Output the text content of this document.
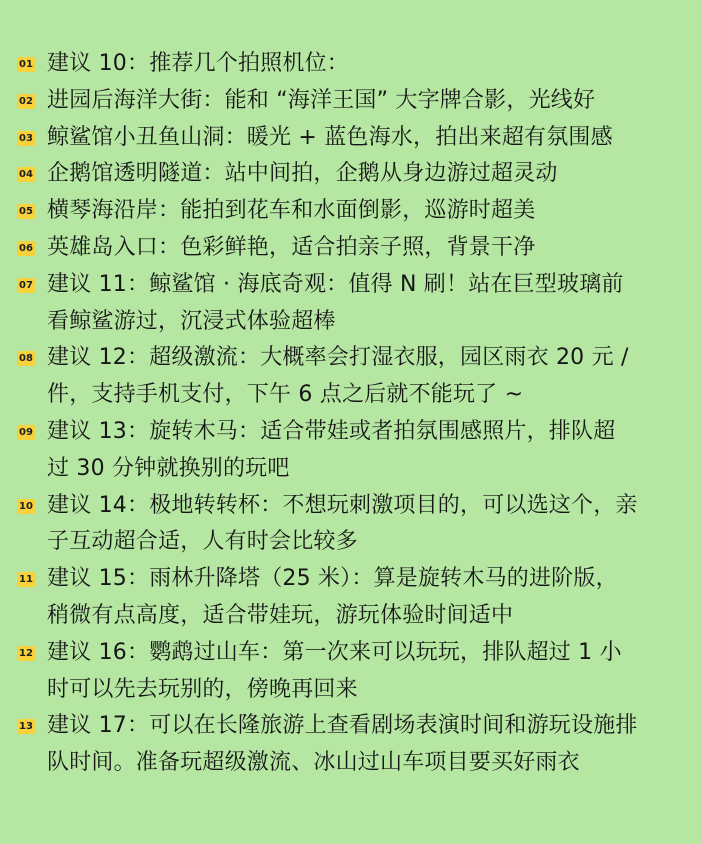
01 建议 10：推荐几个拍照机位：
02 进园后海洋大街：能和 “海洋王国” 大字牌合影，光线好
03 鲸鲨馆小丑鱼山洞：暖光 + 蓝色海水，拍出来超有氛围感
04 企鹅馆透明隧道：站中间拍，企鹅从身边游过超灵动
05 横琴海沿岸：能拍到花车和水面倒影，巡游时超美
06 英雄岛入口：色彩鲜艳，适合拍亲子照，背景干净
07 建议 11：鲸鲨馆 · 海底奇观：值得 N 刷！站在巨型玻璃前
看鲸鲨游过，沉浸式体验超棒
08 建议 12：超级激流：大概率会打湿衣服，园区雨衣 20 元 /
件，支持手机支付，下午 6 点之后就不能玩了 ~
09 建议 13：旋转木马：适合带娃或者拍氛围感照片，排队超
过 30 分钟就换别的玩吧
10 建议 14：极地转转杯：不想玩刺激项目的，可以选这个，亲
子互动超合适，人有时会比较多
11 建议 15：雨林升降塔（25 米）：算是旋转木马的进阶版，
稍微有点高度，适合带娃玩，游玩体验时间适中
12 建议 16：鹦鹉过山车：第一次来可以玩玩，排队超过 1 小
时可以先去玩别的，傍晚再回来
13 建议 17：可以在长隆旅游上查看剧场表演时间和游玩设施排
队时间。准备玩超级激流、冰山过山车项目要买好雨衣
